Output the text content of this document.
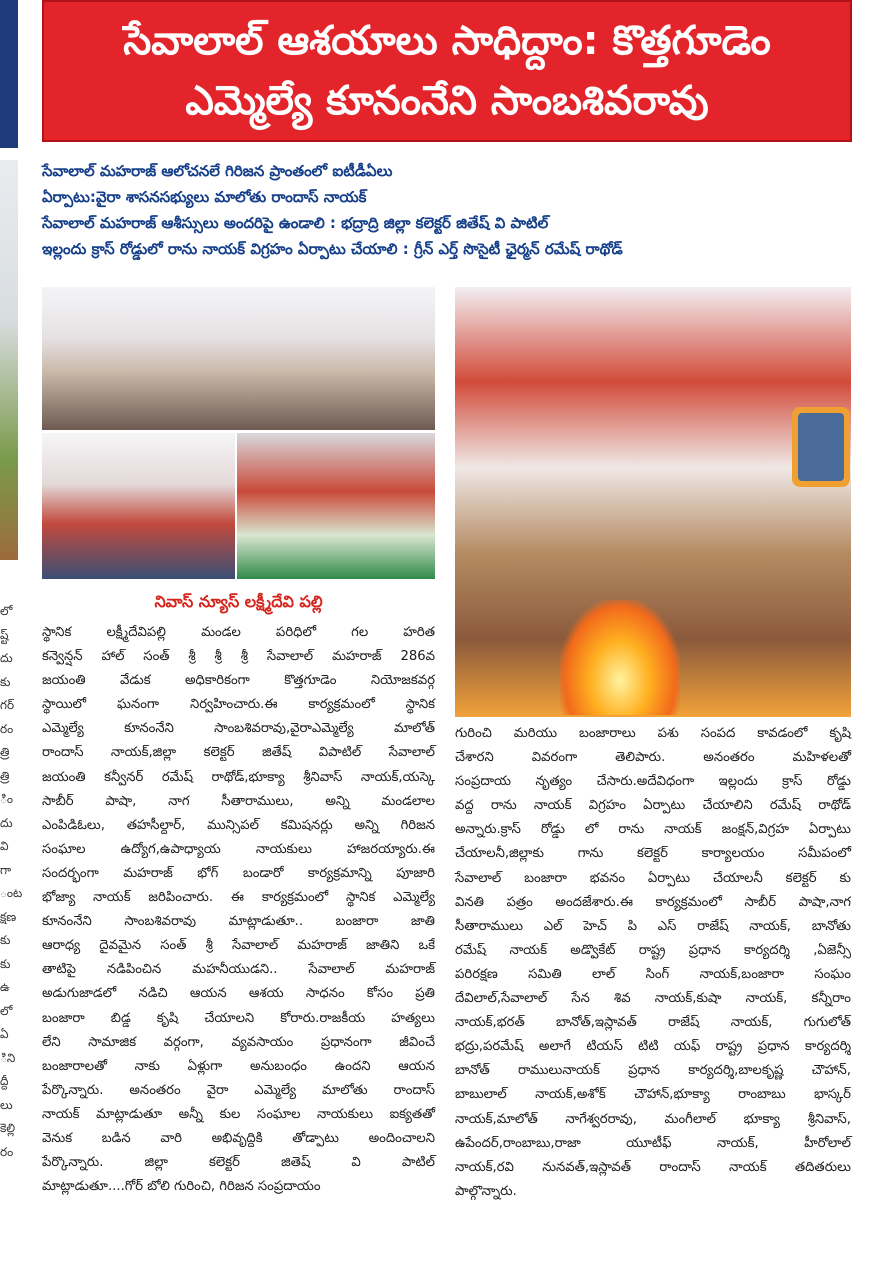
లో
ష్ట్
దు
కు
గర్
రం
త్రి
త్రి
ిం
దు
వి
గా
ంట
క్షణ
కు
కు
ఉ
లో
ఏ
ిని
ద్దీ
లు
కెల్లి
రం
సేవాలాల్ ఆశయాలు సాధిద్దాం: కొత్తగూడెం
ఎమ్మెల్యే కూనంనేని సాంబశివరావు
సేవాలాల్ మహరాజ్ ఆలోచనలే గిరిజన ప్రాంతంలో ఐటీడీఏలు
ఏర్పాటు:వైరా శాసనసభ్యులు మాలోతు రాందాస్ నాయక్
సేవాలాల్ మహరాజ్ ఆశీస్సులు అందరిపై ఉండాలి : భద్రాద్రి జిల్లా కలెక్టర్ జితేష్ వి పాటిల్
ఇల్లందు క్రాస్ రోడ్డులో రాను నాయక్ విగ్రహం ఏర్పాటు చేయాలి : గ్రీన్ ఎర్త్ సొసైటీ ఛైర్మన్ రమేష్ రాథోడ్
నివాస్ న్యూస్ లక్ష్మీదేవి పల్లి
స్థానిక లక్ష్మీదేవిపల్లి మండల పరిధిలో గల హరిత
కన్వెన్షన్ హాల్ సంత్ శ్రీ శ్రీ శ్రీ సేవాలాల్ మహరాజ్ 286వ
జయంతి వేడుక అధికారికంగా కొత్తగూడెం నియోజకవర్గ
స్థాయిలో ఘనంగా నిర్వహించారు.ఈ కార్యక్రమంలో స్థానిక
ఎమ్మెల్యే కూనంనేని సాంబశివరావు,వైరాఎమ్మెల్యే మాలోత్
రాందాస్ నాయక్,జిల్లా కలెక్టర్ జితేష్ విపాటిల్ సేవాలాల్
జయంతి కన్వీనర్ రమేష్ రాథోడ్,భూక్యా శ్రీనివాస్ నాయక్,యస్కె
సాబీర్ పాషా, నాగ సీతారాములు, అన్ని మండలాల
ఎంపిడిఓలు, తహసీల్దార్, మున్సిపల్ కమిషనర్లు అన్ని గిరిజన
సంఘాల ఉద్యోగ,ఉపాధ్యాయ నాయకులు హాజరయ్యారు.ఈ
సందర్భంగా మహరాజ్ భోగ్ బండారో కార్యక్రమాన్ని పూజారి
భోజ్యా నాయక్ జరిపించారు. ఈ కార్యక్రమంలో స్థానిక ఎమ్మెల్యే
కూనంనేని సాంబశివరావు మాట్లాడుతూ.. బంజారా జాతి
ఆరాధ్య దైవమైన సంత్ శ్రీ సేవాలాల్ మహరాజ్ జాతిని ఒకే
తాటిపై నడిపించిన మహనీయుడని.. సేవాలాల్ మహరాజ్
అడుగుజాడలో నడిచి ఆయన ఆశయ సాధనం కోసం ప్రతి
బంజారా బిడ్డ కృషి చేయాలని కోరారు.రాజకీయ హత్యలు
లేని సామాజిక వర్గంగా, వ్యవసాయం ప్రధానంగా జీవించే
బంజారాలతో నాకు ఏళ్లుగా అనుబంధం ఉందని ఆయన
పేర్కొన్నారు. అనంతరం వైరా ఎమ్మెల్యే మాలోతు రాందాస్
నాయక్ మాట్లాడుతూ అన్నీ కుల సంఘాల నాయకులు ఐక్యతతో
వెనుక బడిన వారి అభివృద్దికి తోడ్పాటు అందించాలని
పేర్కొన్నారు. జిల్లా కలెక్టర్ జితెష్ వి పాటిల్
మాట్లాడుతూ....గోర్ బోలి గురించి, గిరిజన సంప్రదాయం
గురించి మరియు బంజారాలు పశు సంపద కావడంలో కృషి
చేశారని వివరంగా తెలిపారు. అనంతరం మహిళలతో
సంప్రదాయ నృత్యం చేసారు.అదేవిధంగా ఇల్లందు క్రాస్ రోడ్డు
వద్ద రాను నాయక్ విగ్రహం ఏర్పాటు చేయాలిని రమేష్ రాథోడ్
అన్నారు.క్రాస్ రోడ్డు లో రాను నాయక్ జంక్షన్,విగ్రహ ఏర్పాటు
చేయాలనీ,జిల్లాకు గాను కలెక్టర్ కార్యాలయం సమీపంలో
సేవాలాల్ బంజారా భవనం ఏర్పాటు చేయాలనీ కలెక్టర్ కు
వినతి పత్రం అందజేశారు.ఈ కార్యక్రమంలో సాబీర్ పాషా,నాగ
సీతారాములు ఎల్ హెచ్ పి ఎస్ రాజేష్ నాయక్, బానోతు
రమేష్ నాయక్ అడ్వొకేట్ రాష్ట్ర ప్రధాన కార్యదర్శి ,ఏజెన్సీ
పరిరక్షణ సమితి లాల్ సింగ్ నాయక్,బంజారా సంఘం
దేవిలాల్,సేవాలాల్ సేన శివ నాయక్,కుషా నాయక్, కన్నీరాం
నాయక్,భరత్ బానోత్,ఇస్లావత్ రాజేష్ నాయక్, గుగులోత్
భద్రు,పరమేష్ అలాగే టియస్ టిటి యఫ్ రాష్ట్ర ప్రధాన కార్యదర్శి
బానోత్ రాములునాయక్ ప్రధాన కార్యదర్శి,బాలకృష్ణ చౌహాన్,
బాబులాల్ నాయక్,అశోక్ చౌహాన్,భూక్యా రాంబాబు భాస్కర్
నాయక్,మాలోత్ నాగేశ్వరరావు, మంగీలాల్ భూక్యా శ్రీనివాస్,
ఉపేందర్,రాంబాబు,రాజా యూటీఫ్ నాయక్, హీరోలాల్
నాయక్,రవి నునవత్,ఇస్లావత్ రాందాస్ నాయక్ తదితరులు
పాల్గొన్నారు.
